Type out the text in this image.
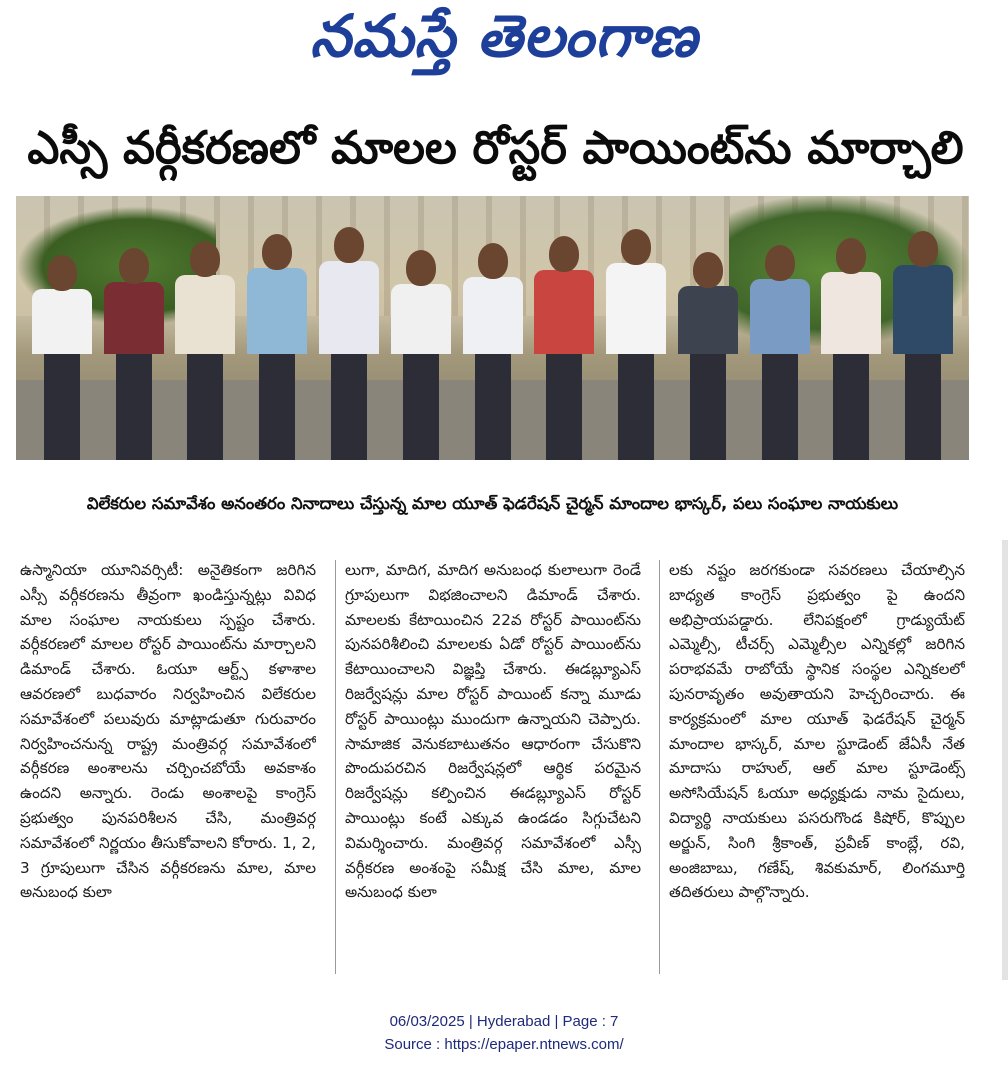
నమస్తే తెలంగాణ
ఎస్సీ వర్గీకరణలో మాలల రోస్టర్ పాయింట్‌ను మార్చాలి
విలేకరుల సమావేశం అనంతరం నినాదాలు చేస్తున్న మాల యూత్ ఫెడరేషన్ చైర్మన్ మాందాల భాస్కర్, పలు సంఘాల నాయకులు
ఉస్మానియా యూనివర్సిటీ: అనైతికంగా జరిగిన ఎస్సీ వర్గీకరణను తీవ్రంగా ఖండిస్తున్నట్లు వివిధ మాల సంఘాల నాయకులు స్పష్టం చేశారు. వర్గీకరణలో మాలల రోస్టర్ పాయింట్‌ను మార్చాలని డిమాండ్ చేశారు. ఓయూ ఆర్ట్స్ కళాశాల ఆవరణలో బుధవారం నిర్వహించిన విలేకరుల సమావేశంలో పలువురు మాట్లాడుతూ గురువారం నిర్వహించనున్న రాష్ట్ర మంత్రివర్గ సమావేశంలో వర్గీకరణ అంశాలను చర్చించబోయే అవకాశం ఉందని అన్నారు. రెండు అంశాలపై కాంగ్రెస్ ప్రభుత్వం పునపరిశీలన చేసి, మంత్రివర్గ సమావేశంలో నిర్ణయం తీసుకోవాలని కోరారు. 1, 2, 3 గ్రూపులుగా చేసిన వర్గీకరణను మాల, మాల అనుబంధ కులా
లుగా, మాదిగ, మాదిగ అనుబంధ కులాలుగా రెండే గ్రూపులుగా విభజించాలని డిమాండ్ చేశారు. మాలలకు కేటాయించిన 22వ రోస్టర్ పాయింట్‌ను పునపరిశీలించి మాలలకు ఏడో రోస్టర్ పాయింట్‌ను కేటాయించాలని విజ్ఞప్తి చేశారు. ఈడబ్ల్యూఎస్ రిజర్వేషన్లు మాల రోస్టర్ పాయింట్ కన్నా మూడు రోస్టర్ పాయింట్లు ముందుగా ఉన్నాయని చెప్పారు. సామాజిక వెనుకబాటుతనం ఆధారంగా చేసుకొని పొందుపరచిన రిజర్వేషన్లలో ఆర్థిక పరమైన రిజర్వేషన్లు కల్పించిన ఈడబ్ల్యూఎస్ రోస్టర్ పాయింట్లు కంటే ఎక్కువ ఉండడం సిగ్గుచేటని విమర్శించారు. మంత్రివర్గ సమావేశంలో ఎస్సీ వర్గీకరణ అంశంపై సమీక్ష చేసి మాల, మాల అనుబంధ కులా
లకు నష్టం జరగకుండా సవరణలు చేయాల్సిన బాధ్యత కాంగ్రెస్ ప్రభుత్వం పై ఉందని అభిప్రాయపడ్డారు. లేనిపక్షంలో గ్రాడ్యుయేట్ ఎమ్మెల్సీ, టీచర్స్ ఎమ్మెల్సీల ఎన్నికల్లో జరిగిన పరాభవమే రాబోయే స్థానిక సంస్థల ఎన్నికలలో పునరావృతం అవుతాయని హెచ్చరించారు. ఈ కార్యక్రమంలో మాల యూత్ ఫెడరేషన్ చైర్మన్ మాందాల భాస్కర్, మాల స్టూడెంట్ జేఏసీ నేత మాదాసు రాహుల్, ఆల్ మాల స్టూడెంట్స్ అసోసియేషన్ ఓయూ అధ్యక్షుడు నామ సైదులు, విద్యార్థి నాయకులు పసరుగొండ కిషోర్, కొప్పుల అర్జున్, సింగి శ్రీకాంత్, ప్రవీణ్ కాంబ్లే, రవి, అంజిబాబు, గణేష్, శివకుమార్, లింగమూర్తి తదితరులు పాల్గొన్నారు.
06/03/2025 | Hyderabad | Page : 7
Source : https://epaper.ntnews.com/
